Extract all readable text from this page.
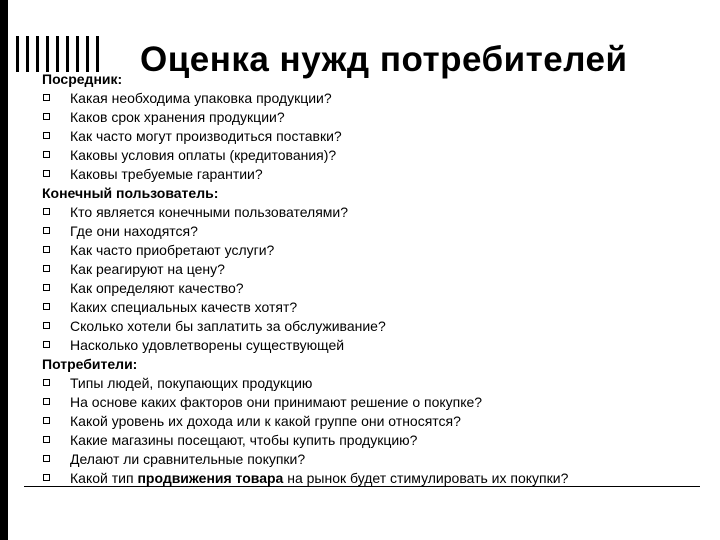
Оценка нужд потребителей
Посредник:
Какая необходима упаковка продукции?
Каков срок хранения продукции?
Как часто могут производиться поставки?
Каковы условия оплаты (кредитования)?
Каковы требуемые гарантии?
Конечный пользователь:
Кто является конечными пользователями?
Где они находятся?
Как часто приобретают услуги?
Как реагируют на цену?
Как определяют качество?
Каких специальных качеств хотят?
Сколько хотели бы заплатить за обслуживание?
Насколько удовлетворены существующей
Потребители:
Типы людей, покупающих продукцию
На основе каких факторов они принимают решение о покупке?
Какой уровень их дохода или к какой группе они относятся?
Какие магазины посещают, чтобы купить продукцию?
Делают ли сравнительные покупки?
Какой тип продвижения товара на рынок будет стимулировать их покупки?
